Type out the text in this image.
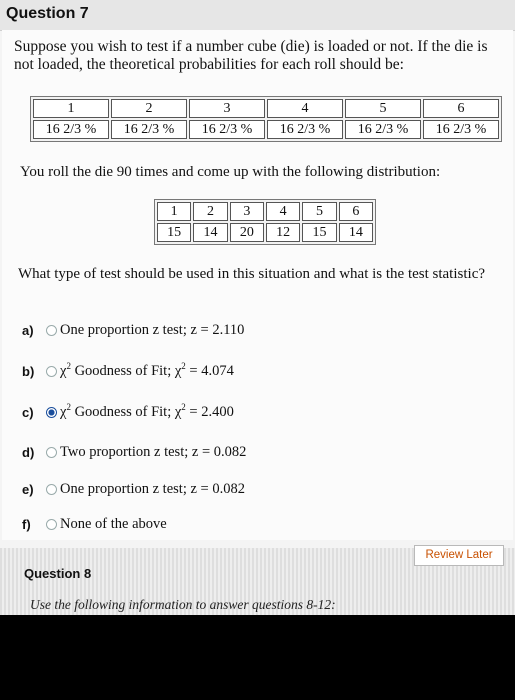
Question 7
Suppose you wish to test if a number cube (die) is loaded or not. If the die is not loaded, the theoretical probabilities for each roll should be:
1	2	3	4	5	6
16 2/3 %	16 2/3 %	16 2/3 %	16 2/3 %	16 2/3 %	16 2/3 %
You roll the die 90 times and come up with the following distribution:
1	2	3	4	5	6
15	14	20	12	15	14
What type of test should be used in this situation and what is the test statistic?
a)	One proportion z test; z = 2.110
b)	$\chi^2$ Goodness of Fit; $\chi^2 = 4.074$
c)	$\chi^2$ Goodness of Fit; $\chi^2 = 2.400$
d)	Two proportion z test; z = 0.082
e)	One proportion z test; z = 0.082
f)	None of the above
Review Later
Question 8
Use the following information to answer questions 8-12:
